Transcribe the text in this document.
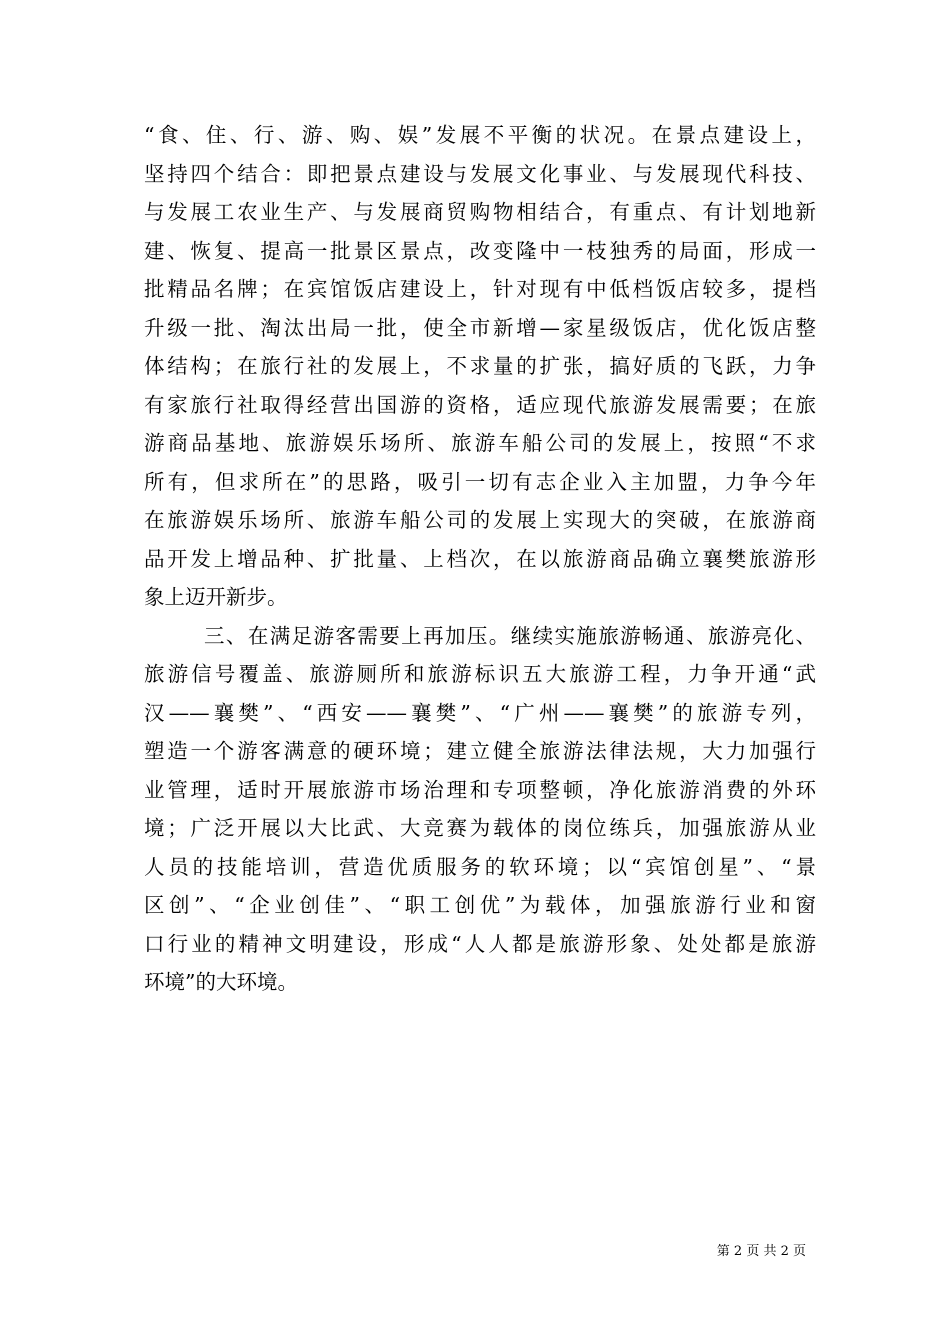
“食、住、行、游、购、娱”发展不平衡的状况。在景点建设上，
坚持四个结合：即把景点建设与发展文化事业、与发展现代科技、
与发展工农业生产、与发展商贸购物相结合，有重点、有计划地新
建、恢复、提高一批景区景点，改变隆中一枝独秀的局面，形成一
批精品名牌；在宾馆饭店建设上，针对现有中低档饭店较多，提档
升级一批、淘汰出局一批，使全市新增—家星级饭店，优化饭店整
体结构；在旅行社的发展上，不求量的扩张，搞好质的飞跃，力争
有家旅行社取得经营出国游的资格，适应现代旅游发展需要；在旅
游商品基地、旅游娱乐场所、旅游车船公司的发展上，按照“不求
所有，但求所在”的思路，吸引一切有志企业入主加盟，力争今年
在旅游娱乐场所、旅游车船公司的发展上实现大的突破，在旅游商
品开发上增品种、扩批量、上档次，在以旅游商品确立襄樊旅游形
象上迈开新步。
三、在满足游客需要上再加压。继续实施旅游畅通、旅游亮化、
旅游信号覆盖、旅游厕所和旅游标识五大旅游工程，力争开通“武
汉——襄樊”、“西安——襄樊”、“广州——襄樊”的旅游专列，
塑造一个游客满意的硬环境；建立健全旅游法律法规，大力加强行
业管理，适时开展旅游市场治理和专项整顿，净化旅游消费的外环
境；广泛开展以大比武、大竞赛为载体的岗位练兵，加强旅游从业
人员的技能培训，营造优质服务的软环境；以“宾馆创星”、“景
区创”、“企业创佳”、“职工创优”为载体，加强旅游行业和窗
口行业的精神文明建设，形成“人人都是旅游形象、处处都是旅游
环境”的大环境。
第 2 页 共 2 页
